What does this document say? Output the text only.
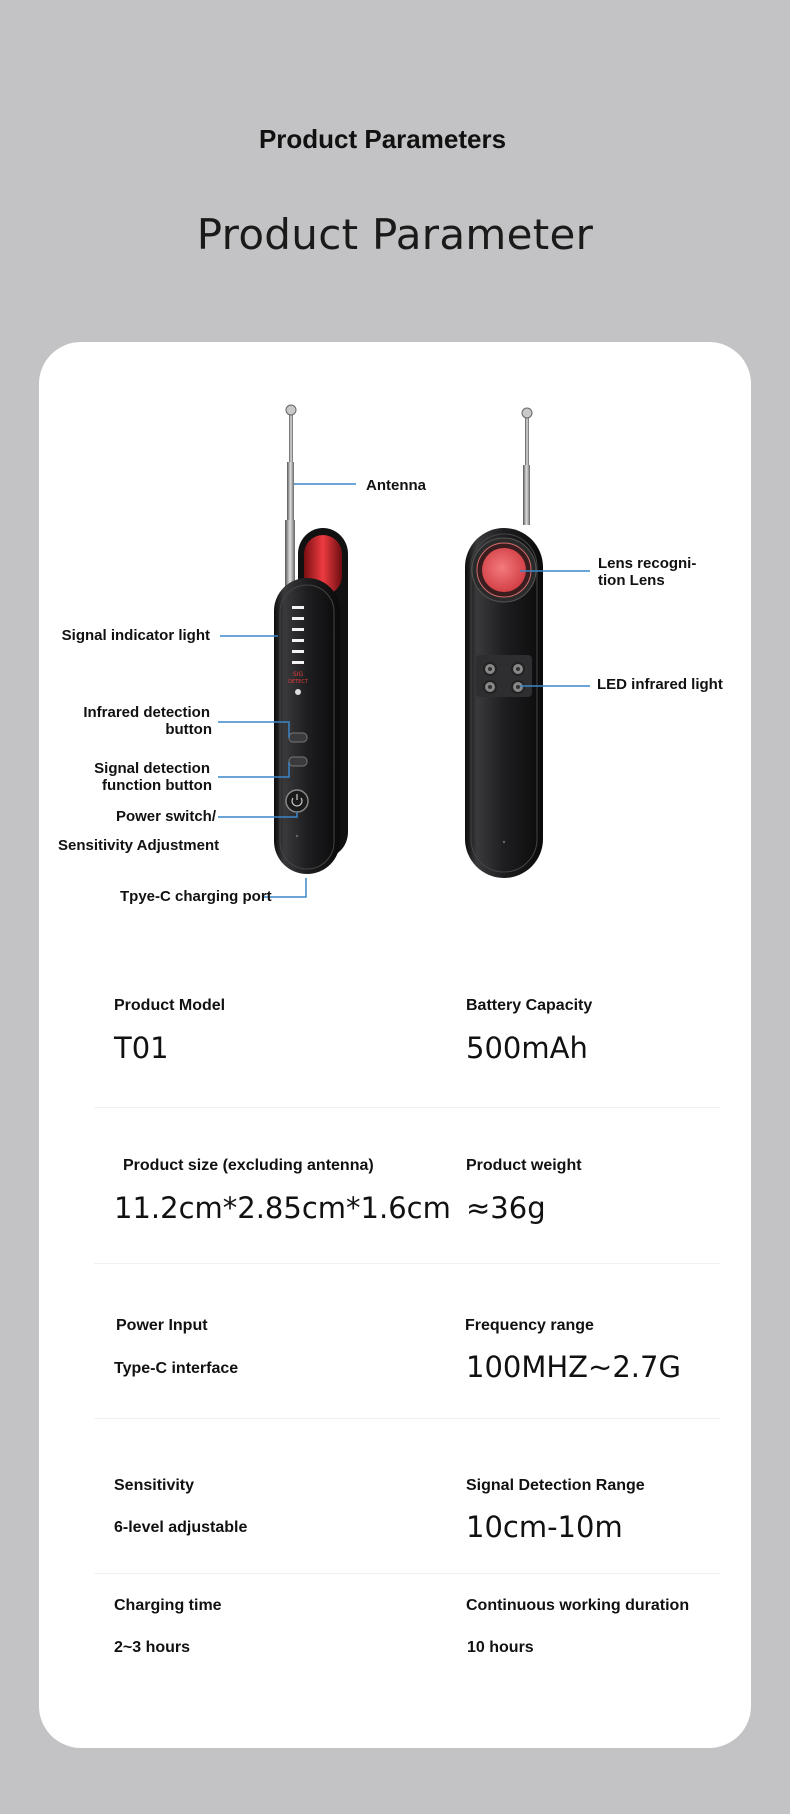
Product Parameters
Product Parameter
SIG
DETECT
Antenna
Signal indicator light
Infrared detection
button
Signal detection
function button
Power switch/
Sensitivity Adjustment
Tpye-C charging port
Lens recogni-
tion Lens
LED infrared light
Product Model
T01
Battery Capacity
500mAh
Product size (excluding antenna)
11.2cm*2.85cm*1.6cm
Product weight
≈36g
Power Input
Type-C interface
Frequency range
100MHZ~2.7G
Sensitivity
6-level adjustable
Signal Detection Range
10cm-10m
Charging time
2~3 hours
Continuous working duration
10 hours
